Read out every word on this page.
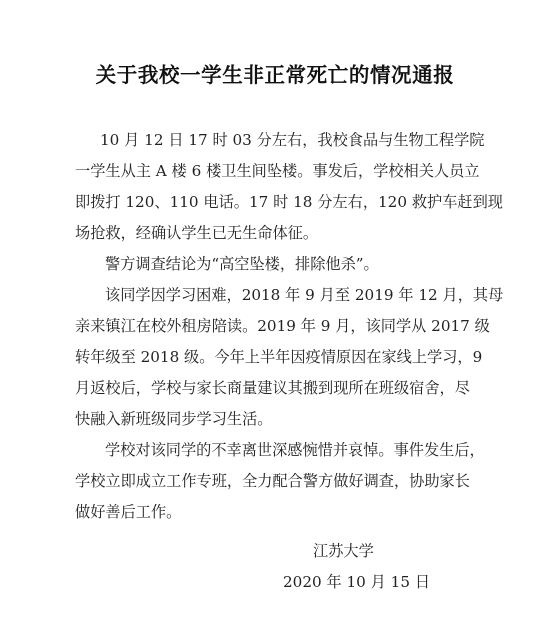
关于我校一学生非正常死亡的情况通报

10 月 12 日 17 时 03 分左右，我校食品与生物工程学院

一学生从主 A 楼 6 楼卫生间坠楼。事发后，学校相关人员立

即拨打 120、110 电话。17 时 18 分左右，120 救护车赶到现

场抢救，经确认学生已无生命体征。

警方调查结论为“高空坠楼，排除他杀”。

该同学因学习困难，2018 年 9 月至 2019 年 12 月，其母

亲来镇江在校外租房陪读。2019 年 9 月，该同学从 2017 级

转年级至 2018 级。今年上半年因疫情原因在家线上学习，9

月返校后，学校与家长商量建议其搬到现所在班级宿舍，尽

快融入新班级同步学习生活。

学校对该同学的不幸离世深感惋惜并哀悼。事件发生后，

学校立即成立工作专班，全力配合警方做好调查，协助家长

做好善后工作。

江苏大学

2020 年 10 月 15 日
